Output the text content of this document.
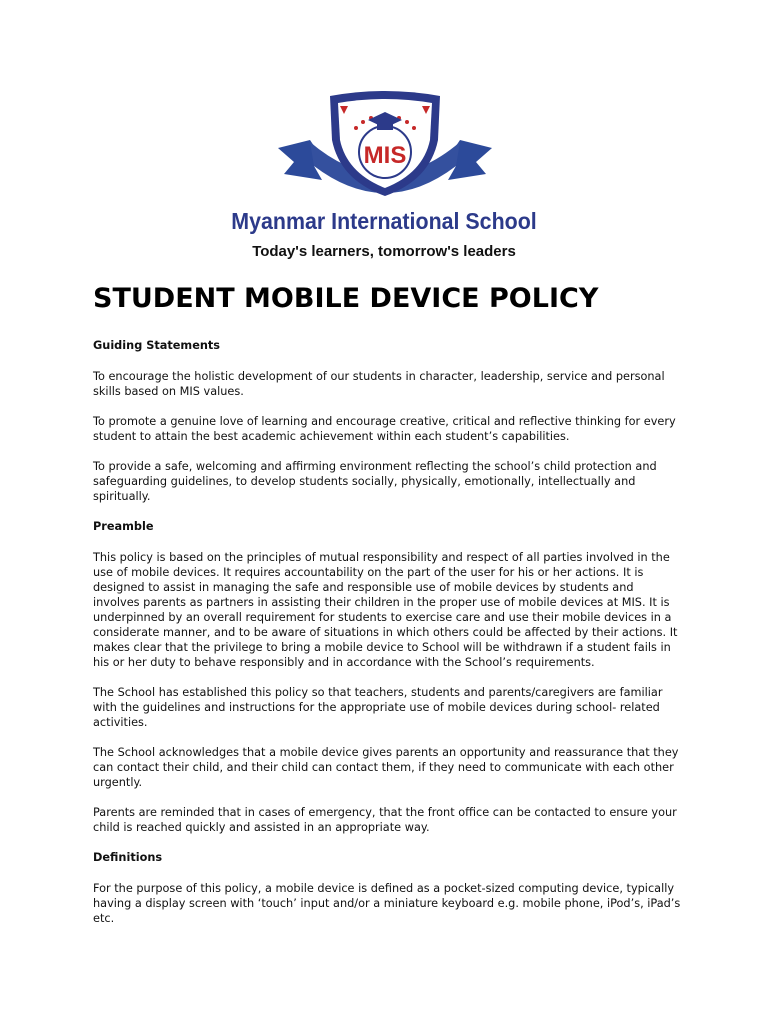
MIS
Myanmar International School
Today's learners, tomorrow's leaders
STUDENT MOBILE DEVICE POLICY

Guiding Statements

To encourage the holistic development of our students in character, leadership, service and personal skills based on MIS values.

To promote a genuine love of learning and encourage creative, critical and reflective thinking for every student to attain the best academic achievement within each student’s capabilities.

To provide a safe, welcoming and affirming environment reflecting the school’s child protection and safeguarding guidelines, to develop students socially, physically, emotionally, intellectually and spiritually.

Preamble

This policy is based on the principles of mutual responsibility and respect of all parties involved in the use of mobile devices. It requires accountability on the part of the user for his or her actions. It is designed to assist in managing the safe and responsible use of mobile devices by students and involves parents as partners in assisting their children in the proper use of mobile devices at MIS. It is underpinned by an overall requirement for students to exercise care and use their mobile devices in a considerate manner, and to be aware of situations in which others could be affected by their actions. It makes clear that the privilege to bring a mobile device to School will be withdrawn if a student fails in his or her duty to behave responsibly and in accordance with the School’s requirements.

The School has established this policy so that teachers, students and parents/caregivers are familiar with the guidelines and instructions for the appropriate use of mobile devices during school- related activities.

The School acknowledges that a mobile device gives parents an opportunity and reassurance that they can contact their child, and their child can contact them, if they need to communicate with each other urgently.

Parents are reminded that in cases of emergency, that the front office can be contacted to ensure your child is reached quickly and assisted in an appropriate way.

Definitions

For the purpose of this policy, a mobile device is defined as a pocket-sized computing device, typically having a display screen with ‘touch’ input and/or a miniature keyboard e.g. mobile phone, iPod’s, iPad’s etc.
